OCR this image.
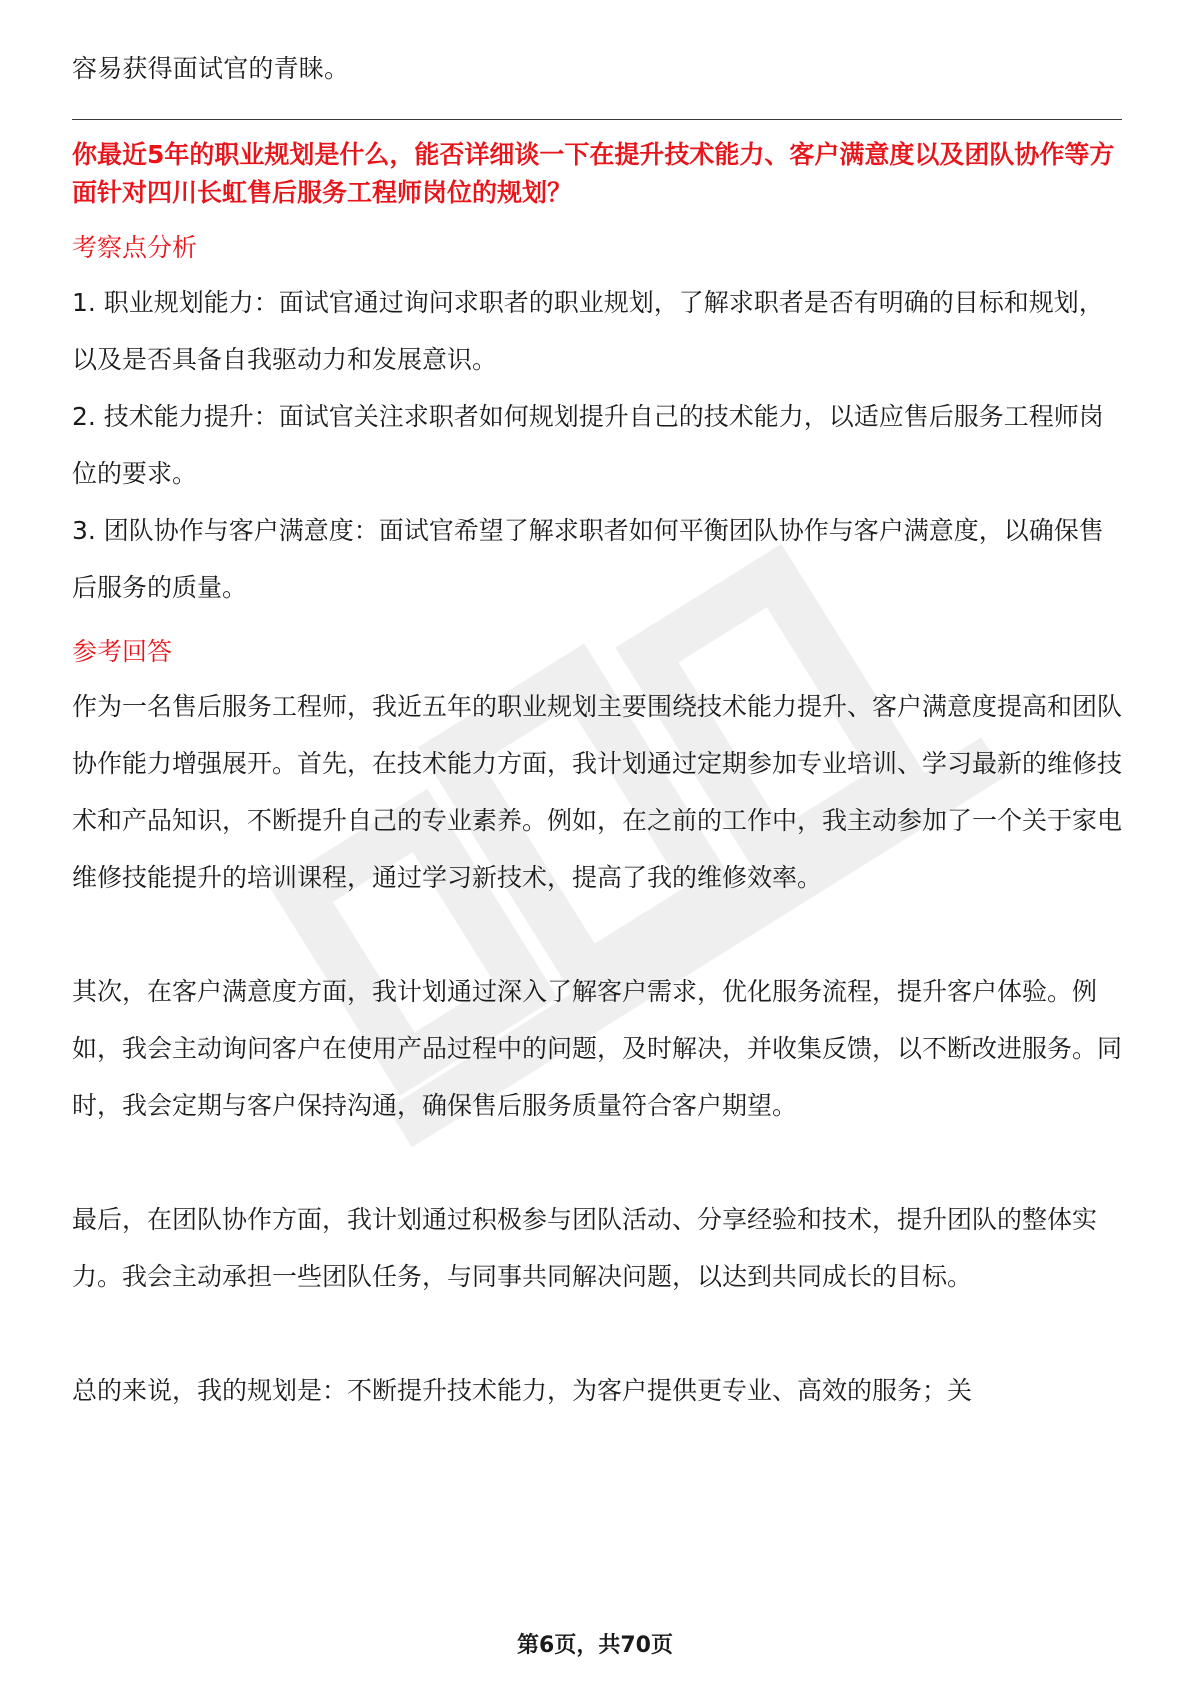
容易获得面试官的青睐。

你最近5年的职业规划是什么，能否详细谈一下在提升技术能力、客户满意度以及团队协作等方面针对四川长虹售后服务工程师岗位的规划？

考察点分析
1. 职业规划能力：面试官通过询问求职者的职业规划，了解求职者是否有明确的目标和规划，以及是否具备自我驱动力和发展意识。
2. 技术能力提升：面试官关注求职者如何规划提升自己的技术能力，以适应售后服务工程师岗位的要求。
3. 团队协作与客户满意度：面试官希望了解求职者如何平衡团队协作与客户满意度，以确保售后服务的质量。
参考回答

作为一名售后服务工程师，我近五年的职业规划主要围绕技术能力提升、客户满意度提高和团队协作能力增强展开。首先，在技术能力方面，我计划通过定期参加专业培训、学习最新的维修技术和产品知识，不断提升自己的专业素养。例如，在之前的工作中，我主动参加了一个关于家电维修技能提升的培训课程，通过学习新技术，提高了我的维修效率。

其次，在客户满意度方面，我计划通过深入了解客户需求，优化服务流程，提升客户体验。例如，我会主动询问客户在使用产品过程中的问题，及时解决，并收集反馈，以不断改进服务。同时，我会定期与客户保持沟通，确保售后服务质量符合客户期望。

最后，在团队协作方面，我计划通过积极参与团队活动、分享经验和技术，提升团队的整体实力。我会主动承担一些团队任务，与同事共同解决问题，以达到共同成长的目标。

总的来说，我的规划是：不断提升技术能力，为客户提供更专业、高效的服务；关

第6页，共70页
